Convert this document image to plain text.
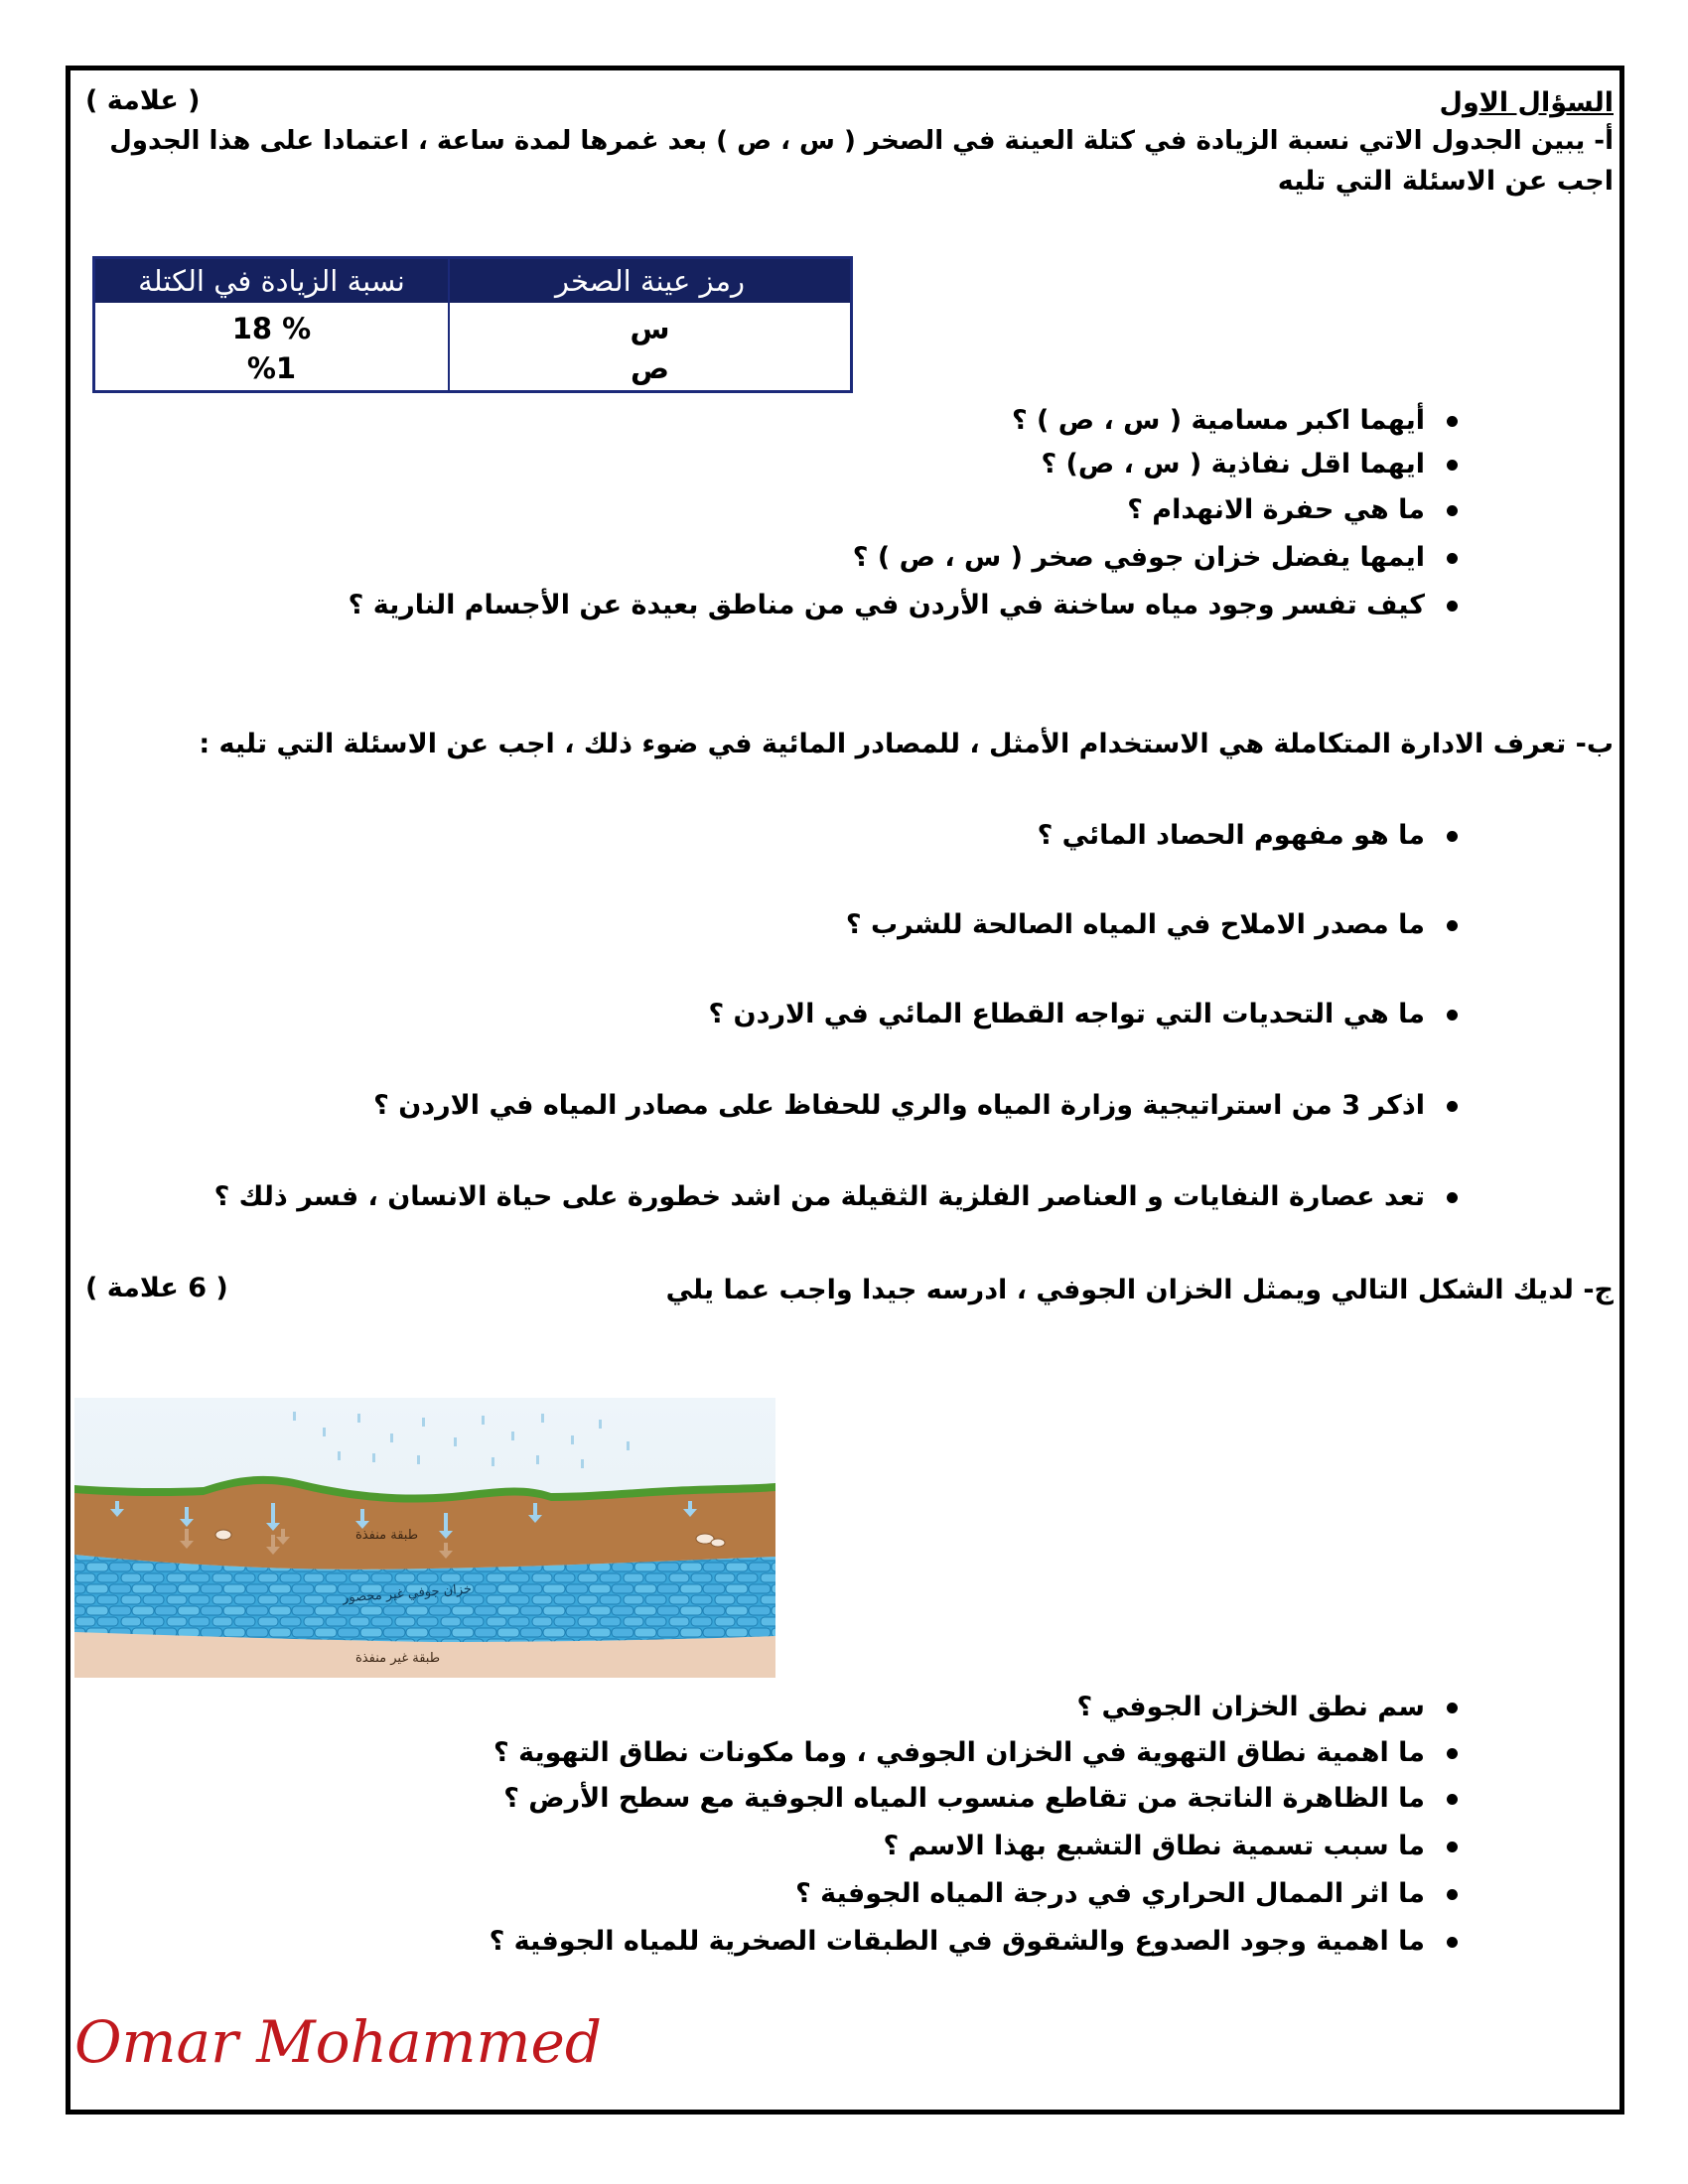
السؤال الاول
( علامة )
أ- يبين الجدول الاتي نسبة الزيادة في كتلة العينة في الصخر ( س ، ص ) بعد غمرها لمدة ساعة ، اعتمادا على هذا الجدول
اجب عن الاسئلة التي تليه
نسبة الزيادة في الكتلة	رمز عينة الصخر
18 %	س
%1	ص
أيهما اكبر مسامية ( س ، ص ) ؟
ايهما اقل نفاذية ( س ، ص) ؟
ما هي حفرة الانهدام ؟
ايمها يفضل خزان جوفي صخر ( س ، ص ) ؟
كيف تفسر وجود مياه ساخنة في الأردن في من مناطق بعيدة عن الأجسام النارية ؟
ب- تعرف الادارة المتكاملة هي الاستخدام الأمثل ، للمصادر المائية في ضوء ذلك ، اجب عن الاسئلة التي تليه :
ما هو مفهوم الحصاد المائي ؟
ما مصدر الاملاح في المياه الصالحة للشرب ؟
ما هي التحديات التي تواجه القطاع المائي في الاردن ؟
اذكر 3 من استراتيجية وزارة المياه والري للحفاظ على مصادر المياه في الاردن ؟
تعد عصارة النفايات و العناصر الفلزية الثقيلة من اشد خطورة على حياة الانسان ، فسر ذلك ؟
ج- لديك الشكل التالي ويمثل الخزان الجوفي ، ادرسه جيدا واجب عما يلي
( 6 علامة )
طبقة منفذة
خزان جوفي غير محصور
طبقة غير منفذة
سم نطق الخزان الجوفي ؟
ما اهمية نطاق التهوية في الخزان الجوفي ، وما مكونات نطاق التهوية ؟
ما الظاهرة الناتجة من تقاطع منسوب المياه الجوفية مع سطح الأرض ؟
ما سبب تسمية نطاق التشبع بهذا الاسم ؟
ما اثر الممال الحراري في درجة المياه الجوفية ؟
ما اهمية وجود الصدوع والشقوق في الطبقات الصخرية للمياه الجوفية ؟
Omar Mohammed
